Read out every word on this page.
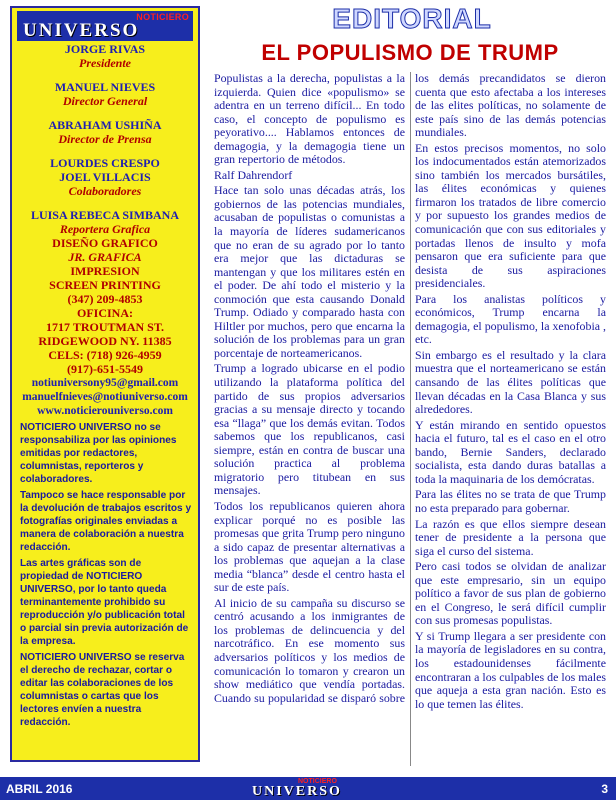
NOTICIERO
UNIVERSO
JORGE RIVAS
Presidente
MANUEL NIEVES
Director General
ABRAHAM USHIÑA
Director de Prensa
LOURDES CRESPO
JOEL VILLACIS
Colaboradores
LUISA REBECA SIMBANA
Reportera Grafica
DISEÑO GRAFICO
JR. GRAFICA
IMPRESION
SCREEN PRINTING
(347) 209-4853
OFICINA:
1717 TROUTMAN ST.
RIDGEWOOD NY. 11385
CELS: (718) 926-4959
(917)-651-5549
notiuniversony95@gmail.com
manuelfnieves@notiuniverso.com
www.noticierouniverso.com

NOTICIERO UNIVERSO no se responsabiliza por las opiniones emitidas por redactores, columnistas, reporteros y colaboradores.

Tampoco se hace responsable por la devolución de trabajos escritos y fotografías originales enviadas a manera de colaboración a nuestra redacción.

Las artes gráficas son de propiedad de NOTICIERO UNIVERSO, por lo tanto queda terminantemente prohibido su reproducción y/o publicación total o parcial sin previa autorización de la empresa.

NOTICIERO UNIVERSO se reserva el derecho de rechazar, cortar o editar las colaboraciones de los columnistas o cartas que los lectores envíen a nuestra redacción.

EDITORIAL
EL POPULISMO DE TRUMP

Populistas a la derecha, populistas a la izquierda. Quien dice «populismo» se adentra en un terreno difícil... En todo caso, el concepto de populismo es peyorativo.... Hablamos entonces de demagogia, y la demagogia tiene un gran repertorio de métodos.

Ralf Dahrendorf

Hace tan solo unas décadas atrás, los gobiernos de las potencias mundiales, acusaban de populistas o comunistas a la mayoría de líderes sudamericanos que no eran de su agrado por lo tanto era mejor que las dictaduras se mantengan y que los militares estén en el poder. De ahí todo el misterio y la conmoción que esta causando Donald Trump. Odiado y comparado hasta con Hiltler por muchos, pero que encarna la solución de los problemas para un gran porcentaje de norteamericanos.

Trump a logrado ubicarse en el podio utilizando la plataforma política del partido de sus propios adversarios gracias a su mensaje directo y tocando esa “llaga” que los demás evitan. Todos sabemos que los republicanos, casi siempre, están en contra de buscar una solución practica al problema migratorio pero titubean en sus mensajes.

Todos los republicanos quieren ahora explicar porqué no es posible las promesas que grita Trump pero ninguno a sido capaz de presentar alternativas a los problemas que aquejan a la clase media “blanca” desde el centro hasta el sur de este país.

Al inicio de su campaña su discurso se centró acusando a los inmigrantes de los problemas de delincuencia y del narcotráfico. En ese momento sus adversarios políticos y los medios de comunicación lo tomaron y crearon un show mediático que vendía portadas. Cuando su popularidad se disparó sobre los demás precandidatos se dieron cuenta que esto afectaba a los intereses de las elites políticas, no solamente de este país sino de las demás potencias mundiales.

En estos precisos momentos, no solo los indocumentados están atemorizados sino también los mercados bursátiles, las élites económicas y quienes firmaron los tratados de libre comercio y por supuesto los grandes medios de comunicación que con sus editoriales y portadas llenos de insulto y mofa pensaron que era suficiente para que desista de sus aspiraciones presidenciales.

Para los analistas políticos y económicos, Trump encarna la demagogia, el populismo, la xenofobia , etc.

Sin embargo es el resultado y la clara muestra que el norteamericano se están cansando de las élites políticas que llevan décadas en la Casa Blanca y sus alrededores.

Y están mirando en sentido opuestos hacia el futuro, tal es el caso en el otro bando, Bernie Sanders, declarado socialista, esta dando duras batallas a toda la maquinaria de los demócratas.

Para las élites no se trata de que Trump no esta preparado para gobernar.

La razón es que ellos siempre desean tener de presidente a la persona que siga el curso del sistema.

Pero casi todos se olvidan de analizar que este empresario, sin un equipo político a favor de sus plan de gobierno en el Congreso, le será difícil cumplir con sus promesas populistas.

Y si Trump llegara a ser presidente con la mayoría de legisladores en su contra, los estadounidenses fácilmente encontraran a los culpables de los males que aqueja a esta gran nación. Esto es lo que temen las élites.

ABRIL 2016
NOTICIERO
UNIVERSO	3
